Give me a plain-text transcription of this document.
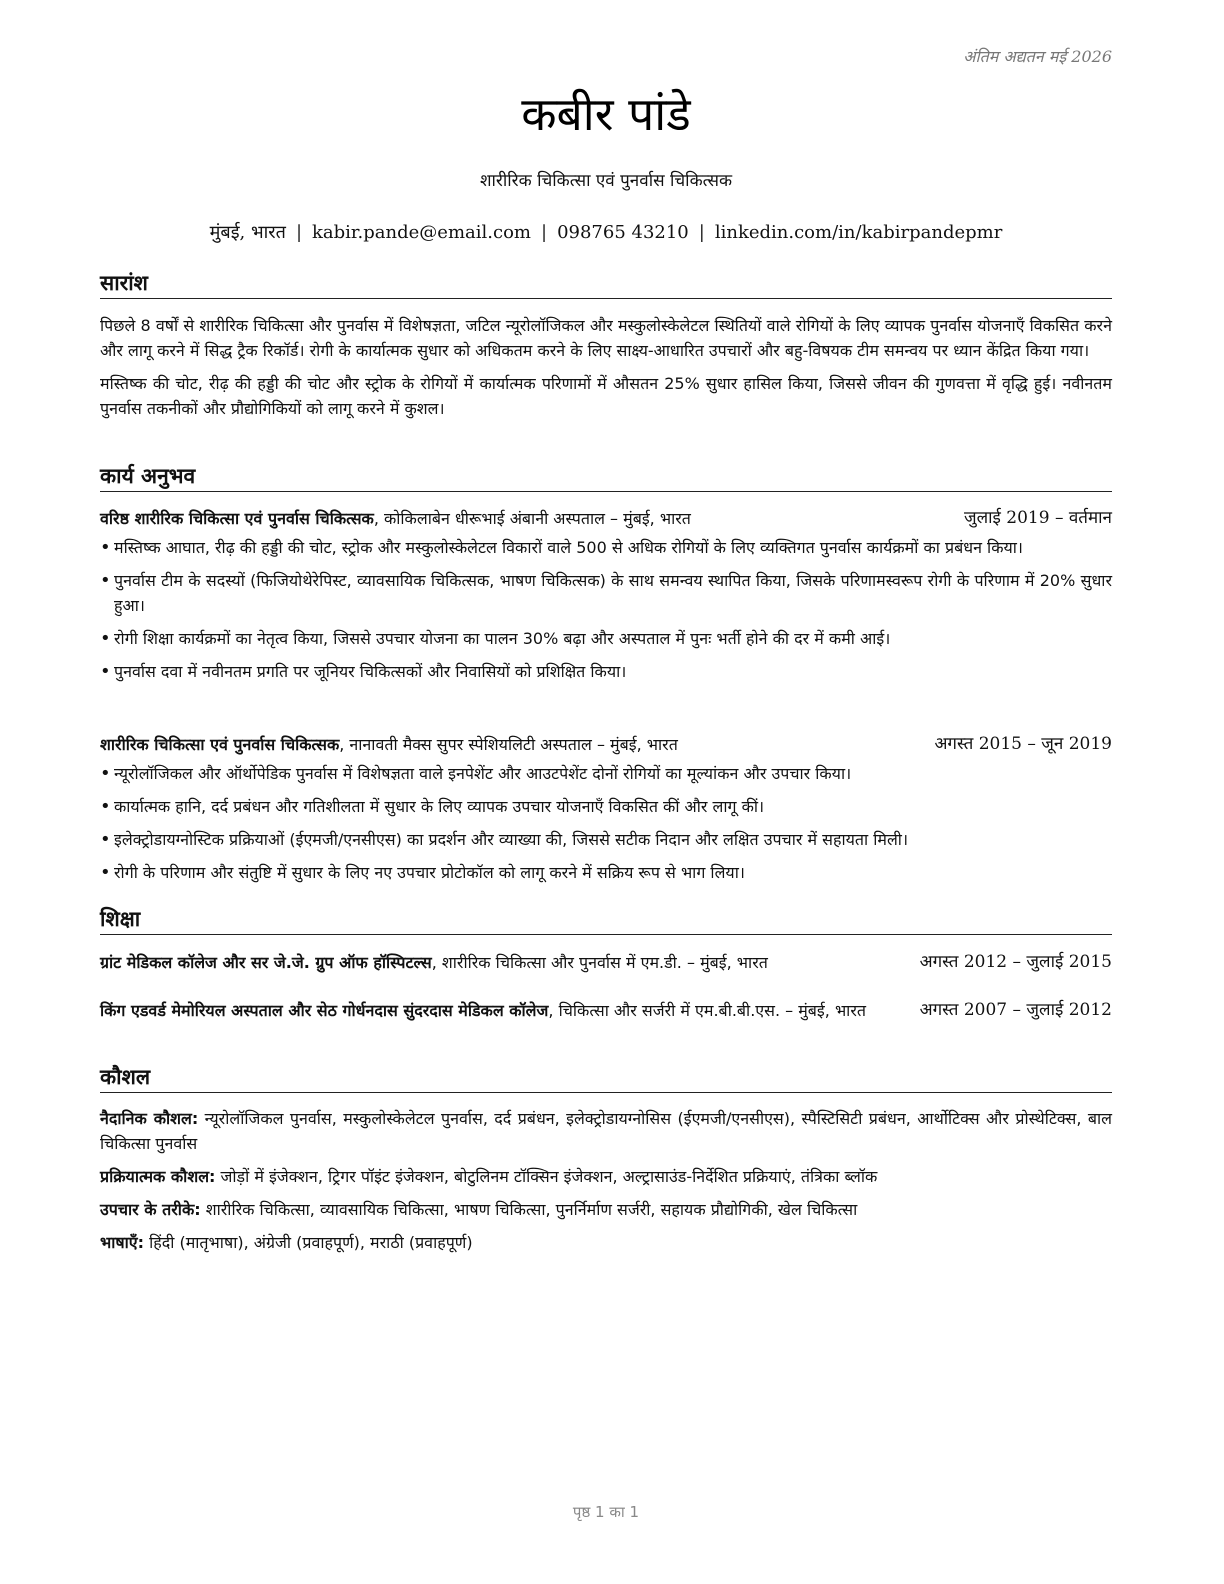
अंतिम अद्यतन मई 2026
कबीर पांडे
शारीरिक चिकित्सा एवं पुनर्वास चिकित्सक
मुंबई, भारत | kabir.pande@email.com | 098765 43210 | linkedin.com/in/kabirpandepmr
सारांश

पिछले 8 वर्षों से शारीरिक चिकित्सा और पुनर्वास में विशेषज्ञता, जटिल न्यूरोलॉजिकल और मस्कुलोस्केलेटल स्थितियों वाले रोगियों के लिए व्यापक पुनर्वास योजनाएँ विकसित करने और लागू करने में सिद्ध ट्रैक रिकॉर्ड। रोगी के कार्यात्मक सुधार को अधिकतम करने के लिए साक्ष्य-आधारित उपचारों और बहु-विषयक टीम समन्वय पर ध्यान केंद्रित किया गया।

मस्तिष्क की चोट, रीढ़ की हड्डी की चोट और स्ट्रोक के रोगियों में कार्यात्मक परिणामों में औसतन 25% सुधार हासिल किया, जिससे जीवन की गुणवत्ता में वृद्धि हुई। नवीनतम पुनर्वास तकनीकों और प्रौद्योगिकियों को लागू करने में कुशल।

कार्य अनुभव
वरिष्ठ शारीरिक चिकित्सा एवं पुनर्वास चिकित्सक, कोकिलाबेन धीरूभाई अंबानी अस्पताल – मुंबई, भारत	जुलाई 2019 – वर्तमान
• मस्तिष्क आघात, रीढ़ की हड्डी की चोट, स्ट्रोक और मस्कुलोस्केलेटल विकारों वाले 500 से अधिक रोगियों के लिए व्यक्तिगत पुनर्वास कार्यक्रमों का प्रबंधन किया।
• पुनर्वास टीम के सदस्यों (फिजियोथेरेपिस्ट, व्यावसायिक चिकित्सक, भाषण चिकित्सक) के साथ समन्वय स्थापित किया, जिसके परिणामस्वरूप रोगी के परिणाम में 20% सुधार हुआ।
• रोगी शिक्षा कार्यक्रमों का नेतृत्व किया, जिससे उपचार योजना का पालन 30% बढ़ा और अस्पताल में पुनः भर्ती होने की दर में कमी आई।
• पुनर्वास दवा में नवीनतम प्रगति पर जूनियर चिकित्सकों और निवासियों को प्रशिक्षित किया।
शारीरिक चिकित्सा एवं पुनर्वास चिकित्सक, नानावती मैक्स सुपर स्पेशियलिटी अस्पताल – मुंबई, भारत	अगस्त 2015 – जून 2019
• न्यूरोलॉजिकल और ऑर्थोपेडिक पुनर्वास में विशेषज्ञता वाले इनपेशेंट और आउटपेशेंट दोनों रोगियों का मूल्यांकन और उपचार किया।
• कार्यात्मक हानि, दर्द प्रबंधन और गतिशीलता में सुधार के लिए व्यापक उपचार योजनाएँ विकसित कीं और लागू कीं।
• इलेक्ट्रोडायग्नोस्टिक प्रक्रियाओं (ईएमजी/एनसीएस) का प्रदर्शन और व्याख्या की, जिससे सटीक निदान और लक्षित उपचार में सहायता मिली।
• रोगी के परिणाम और संतुष्टि में सुधार के लिए नए उपचार प्रोटोकॉल को लागू करने में सक्रिय रूप से भाग लिया।
शिक्षा
ग्रांट मेडिकल कॉलेज और सर जे.जे. ग्रुप ऑफ हॉस्पिटल्स, शारीरिक चिकित्सा और पुनर्वास में एम.डी. – मुंबई, भारत	अगस्त 2012 – जुलाई 2015
किंग एडवर्ड मेमोरियल अस्पताल और सेठ गोर्धनदास सुंदरदास मेडिकल कॉलेज, चिकित्सा और सर्जरी में एम.बी.बी.एस. – मुंबई, भारत	अगस्त 2007 – जुलाई 2012
कौशल
नैदानिक कौशल: न्यूरोलॉजिकल पुनर्वास, मस्कुलोस्केलेटल पुनर्वास, दर्द प्रबंधन, इलेक्ट्रोडायग्नोसिस (ईएमजी/एनसीएस), स्पैस्टिसिटी प्रबंधन, आर्थोटिक्स और प्रोस्थेटिक्स, बाल चिकित्सा पुनर्वास
प्रक्रियात्मक कौशल: जोड़ों में इंजेक्शन, ट्रिगर पॉइंट इंजेक्शन, बोटुलिनम टॉक्सिन इंजेक्शन, अल्ट्रासाउंड-निर्देशित प्रक्रियाएं, तंत्रिका ब्लॉक
उपचार के तरीके: शारीरिक चिकित्सा, व्यावसायिक चिकित्सा, भाषण चिकित्सा, पुनर्निर्माण सर्जरी, सहायक प्रौद्योगिकी, खेल चिकित्सा
भाषाएँ: हिंदी (मातृभाषा), अंग्रेजी (प्रवाहपूर्ण), मराठी (प्रवाहपूर्ण)
पृष्ठ 1 का 1
